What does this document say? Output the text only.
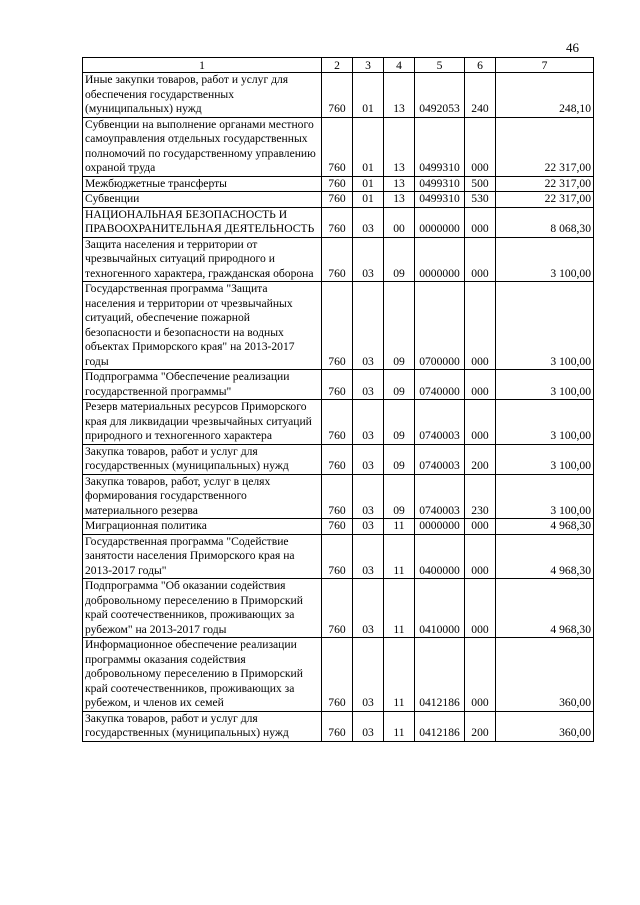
46
1	2	3	4	5	6	7
Иные закупки товаров, работ и услуг для обеспечения государственных (муниципальных) нужд	760	01	13	0492053	240	248,10
Субвенции на выполнение органами местного самоуправления отдельных государственных полномочий по государственному управлению охраной труда	760	01	13	0499310	000	22 317,00
Межбюджетные трансферты	760	01	13	0499310	500	22 317,00
Субвенции	760	01	13	0499310	530	22 317,00
НАЦИОНАЛЬНАЯ БЕЗОПАСНОСТЬ И ПРАВООХРАНИТЕЛЬНАЯ ДЕЯТЕЛЬНОСТЬ	760	03	00	0000000	000	8 068,30
Защита населения и территории от чрезвычайных ситуаций природного и техногенного характера, гражданская оборона	760	03	09	0000000	000	3 100,00
Государственная программа "Защита населения и территории от чрезвычайных ситуаций, обеспечение пожарной безопасности и безопасности на водных объектах Приморского края" на 2013-2017 годы	760	03	09	0700000	000	3 100,00
Подпрограмма "Обеспечение реализации государственной программы"	760	03	09	0740000	000	3 100,00
Резерв материальных ресурсов Приморского края для ликвидации чрезвычайных ситуаций природного и техногенного характера	760	03	09	0740003	000	3 100,00
Закупка товаров, работ и услуг для государственных (муниципальных) нужд	760	03	09	0740003	200	3 100,00
Закупка товаров, работ, услуг в целях формирования государственного материального резерва	760	03	09	0740003	230	3 100,00
Миграционная политика	760	03	11	0000000	000	4 968,30
Государственная программа "Содействие занятости населения Приморского края на 2013-2017 годы"	760	03	11	0400000	000	4 968,30
Подпрограмма "Об оказании содействия добровольному переселению в Приморский край соотечественников, проживающих за рубежом" на 2013-2017 годы	760	03	11	0410000	000	4 968,30
Информационное обеспечение реализации программы оказания содействия добровольному переселению в Приморский край соотечественников, проживающих за рубежом, и членов их семей	760	03	11	0412186	000	360,00
Закупка товаров, работ и услуг для государственных (муниципальных) нужд	760	03	11	0412186	200	360,00
